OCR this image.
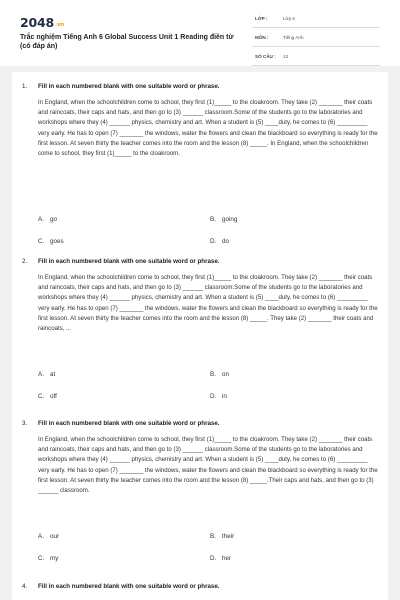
2048.vn
Trắc nghiệm Tiếng Anh 6 Global Success Unit 1 Reading điền từ (có đáp án)
LỚP :	Lớp 6
MÔN :	Tiếng Anh
SỐ CÂU : 13
1. Fill in each numbered blank with one suitable word or phrase.
In England, when the schoolchildren come to school, they first (1)_____ to the cloakroom. They take (2) _______ their coats and raincoats, their caps and hats, and then go to (3) ______ classroom.Some of the students go to the laboratories and workshops where they (4) ______ physics, chemistry and art. When a student is (5) ____duty, he comes to (6) _________ very early. He has to open (7) _______ the windows, water the flowers and clean the blackboard so everything is ready for the first lesson. At seven thirty the teacher comes into the room and the lesson (8) _____. In England, when the schoolchildren come to school, they first (1)_____ to the cloakroom.
A. go	B. going
C. goes	D. do
2. Fill in each numbered blank with one suitable word or phrase.
In England, when the schoolchildren come to school, they first (1)_____ to the cloakroom. They take (2) _______ their coats and raincoats, their caps and hats, and then go to (3) ______ classroom.Some of the students go to the laboratories and workshops where they (4) ______ physics, chemistry and art. When a student is (5) ____duty, he comes to (6) _________ very early. He has to open (7) _______ the windows, water the flowers and clean the blackboard so everything is ready for the first lesson. At seven thirty the teacher comes into the room and the lesson (8) _____. They take (2) _______ their coats and raincoats, ...
A. at	B. on
C. off	D. in
3. Fill in each numbered blank with one suitable word or phrase.
In England, when the schoolchildren come to school, they first (1)_____ to the cloakroom. They take (2) _______ their coats and raincoats, their caps and hats, and then go to (3) ______ classroom.Some of the students go to the laboratories and workshops where they (4) ______ physics, chemistry and art. When a student is (5) ____duty, he comes to (6) _________ very early. He has to open (7) _______ the windows, water the flowers and clean the blackboard so everything is ready for the first lesson. At seven thirty the teacher comes into the room and the lesson (8) _____.Their caps and hats, and then go to (3) ______ classroom.
A. our	B. their
C. my	D. her
4. Fill in each numbered blank with one suitable word or phrase.
